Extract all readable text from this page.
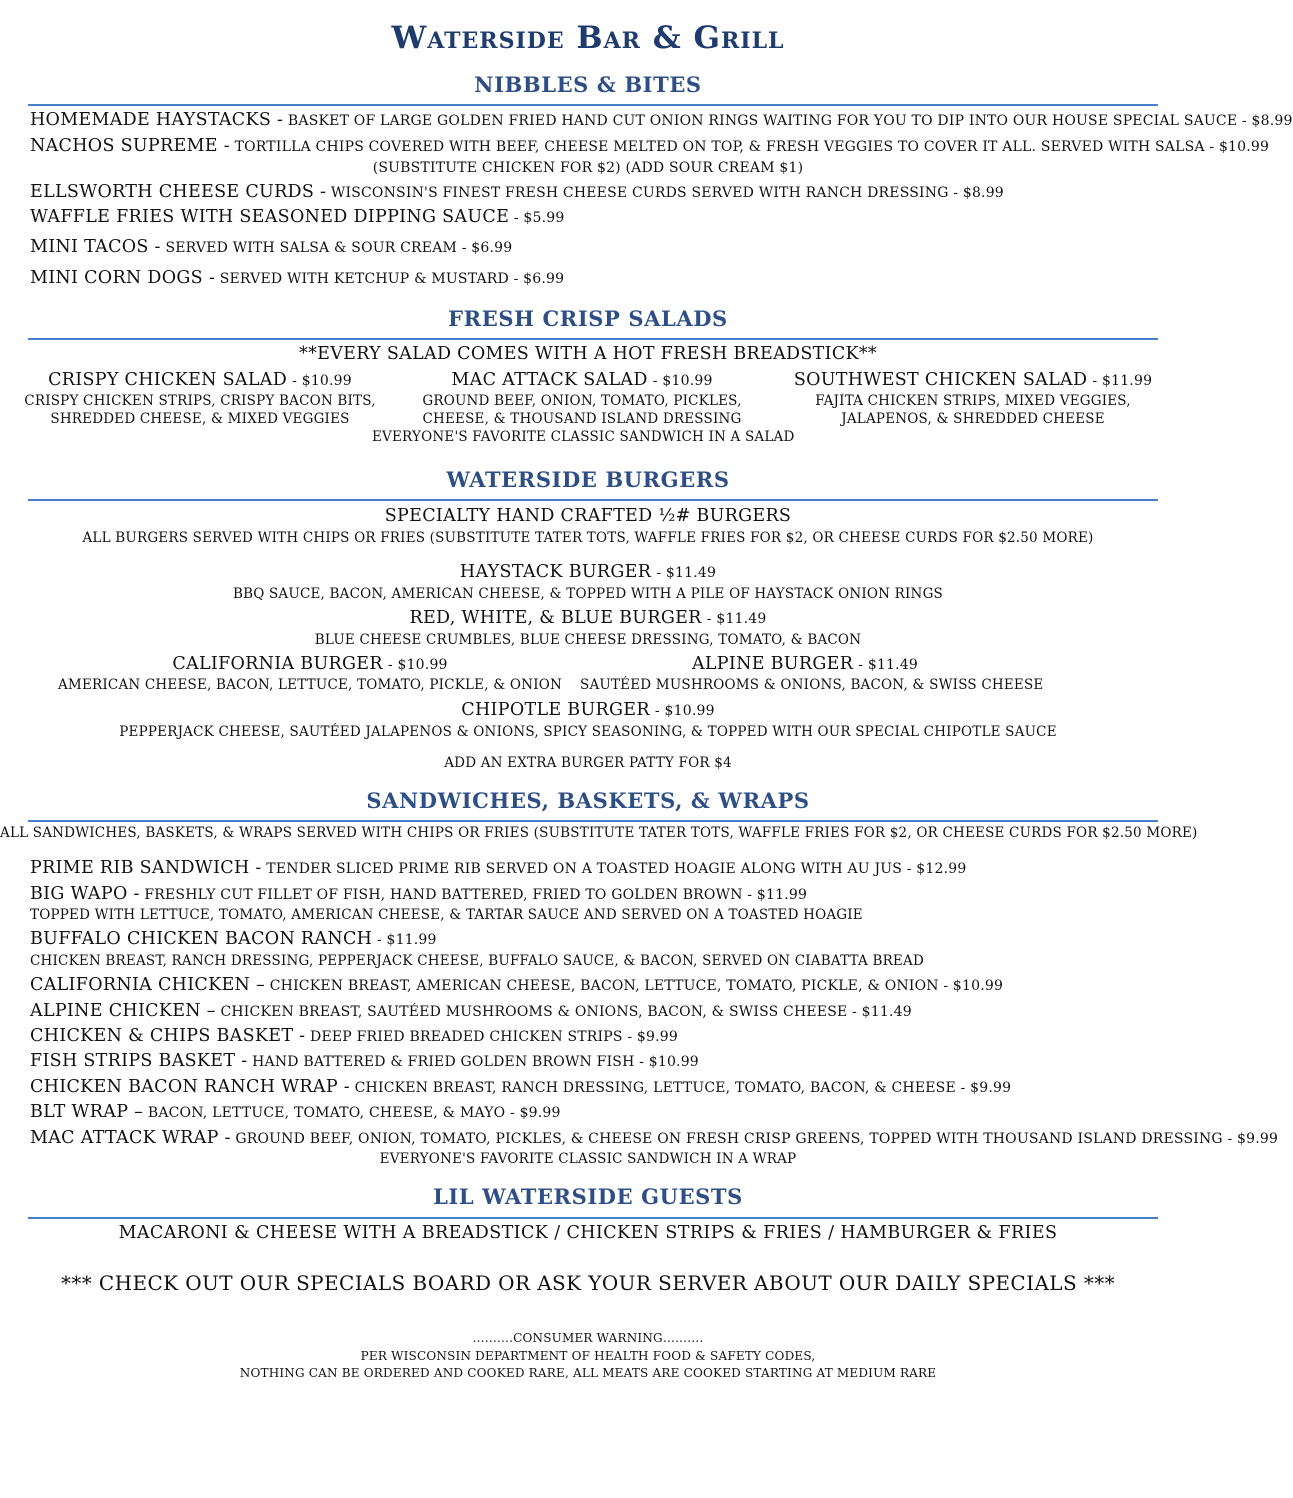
Waterside Bar & Grill
NIBBLES & BITES
HOMEMADE HAYSTACKS - BASKET OF LARGE GOLDEN FRIED HAND CUT ONION RINGS WAITING FOR YOU TO DIP INTO OUR HOUSE SPECIAL SAUCE - $8.99
NACHOS SUPREME - TORTILLA CHIPS COVERED WITH BEEF, CHEESE MELTED ON TOP, & FRESH VEGGIES TO COVER IT ALL. SERVED WITH SALSA - $10.99
(SUBSTITUTE CHICKEN FOR $2) (ADD SOUR CREAM $1)
ELLSWORTH CHEESE CURDS - WISCONSIN'S FINEST FRESH CHEESE CURDS SERVED WITH RANCH DRESSING - $8.99
WAFFLE FRIES WITH SEASONED DIPPING SAUCE - $5.99
MINI TACOS - SERVED WITH SALSA & SOUR CREAM - $6.99
MINI CORN DOGS - SERVED WITH KETCHUP & MUSTARD - $6.99
FRESH CRISP SALADS
**EVERY SALAD COMES WITH A HOT FRESH BREADSTICK**
CRISPY CHICKEN SALAD - $10.99
CRISPY CHICKEN STRIPS, CRISPY BACON BITS,
SHREDDED CHEESE, & MIXED VEGGIES
MAC ATTACK SALAD - $10.99
GROUND BEEF, ONION, TOMATO, PICKLES,
CHEESE, & THOUSAND ISLAND DRESSING
EVERYONE'S FAVORITE CLASSIC SANDWICH IN A SALAD
SOUTHWEST CHICKEN SALAD - $11.99
FAJITA CHICKEN STRIPS, MIXED VEGGIES,
JALAPENOS, & SHREDDED CHEESE
WATERSIDE BURGERS
SPECIALTY HAND CRAFTED ½# BURGERS
ALL BURGERS SERVED WITH CHIPS OR FRIES (SUBSTITUTE TATER TOTS, WAFFLE FRIES FOR $2, OR CHEESE CURDS FOR $2.50 MORE)
HAYSTACK BURGER - $11.49
BBQ SAUCE, BACON, AMERICAN CHEESE, & TOPPED WITH A PILE OF HAYSTACK ONION RINGS
RED, WHITE, & BLUE BURGER - $11.49
BLUE CHEESE CRUMBLES, BLUE CHEESE DRESSING, TOMATO, & BACON
CALIFORNIA BURGER - $10.99
AMERICAN CHEESE, BACON, LETTUCE, TOMATO, PICKLE, & ONION
ALPINE BURGER - $11.49
SAUTÉED MUSHROOMS & ONIONS, BACON, & SWISS CHEESE
CHIPOTLE BURGER - $10.99
PEPPERJACK CHEESE, SAUTÉED JALAPENOS & ONIONS, SPICY SEASONING, & TOPPED WITH OUR SPECIAL CHIPOTLE SAUCE
ADD AN EXTRA BURGER PATTY FOR $4
SANDWICHES, BASKETS, & WRAPS
ALL SANDWICHES, BASKETS, & WRAPS SERVED WITH CHIPS OR FRIES (SUBSTITUTE TATER TOTS, WAFFLE FRIES FOR $2, OR CHEESE CURDS FOR $2.50 MORE)
PRIME RIB SANDWICH - TENDER SLICED PRIME RIB SERVED ON A TOASTED HOAGIE ALONG WITH AU JUS - $12.99
BIG WAPO - FRESHLY CUT FILLET OF FISH, HAND BATTERED, FRIED TO GOLDEN BROWN - $11.99
TOPPED WITH LETTUCE, TOMATO, AMERICAN CHEESE, & TARTAR SAUCE AND SERVED ON A TOASTED HOAGIE
BUFFALO CHICKEN BACON RANCH - $11.99
CHICKEN BREAST, RANCH DRESSING, PEPPERJACK CHEESE, BUFFALO SAUCE, & BACON, SERVED ON CIABATTA BREAD
CALIFORNIA CHICKEN – CHICKEN BREAST, AMERICAN CHEESE, BACON, LETTUCE, TOMATO, PICKLE, & ONION - $10.99
ALPINE CHICKEN – CHICKEN BREAST, SAUTÉED MUSHROOMS & ONIONS, BACON, & SWISS CHEESE - $11.49
CHICKEN & CHIPS BASKET - DEEP FRIED BREADED CHICKEN STRIPS - $9.99
FISH STRIPS BASKET - HAND BATTERED & FRIED GOLDEN BROWN FISH - $10.99
CHICKEN BACON RANCH WRAP - CHICKEN BREAST, RANCH DRESSING, LETTUCE, TOMATO, BACON, & CHEESE - $9.99
BLT WRAP – BACON, LETTUCE, TOMATO, CHEESE, & MAYO - $9.99
MAC ATTACK WRAP - GROUND BEEF, ONION, TOMATO, PICKLES, & CHEESE ON FRESH CRISP GREENS, TOPPED WITH THOUSAND ISLAND DRESSING - $9.99
EVERYONE'S FAVORITE CLASSIC SANDWICH IN A WRAP
LIL WATERSIDE GUESTS
MACARONI & CHEESE WITH A BREADSTICK / CHICKEN STRIPS & FRIES / HAMBURGER & FRIES
*** CHECK OUT OUR SPECIALS BOARD OR ASK YOUR SERVER ABOUT OUR DAILY SPECIALS ***
……….CONSUMER WARNING……….
PER WISCONSIN DEPARTMENT OF HEALTH FOOD & SAFETY CODES,
NOTHING CAN BE ORDERED AND COOKED RARE, ALL MEATS ARE COOKED STARTING AT MEDIUM RARE
